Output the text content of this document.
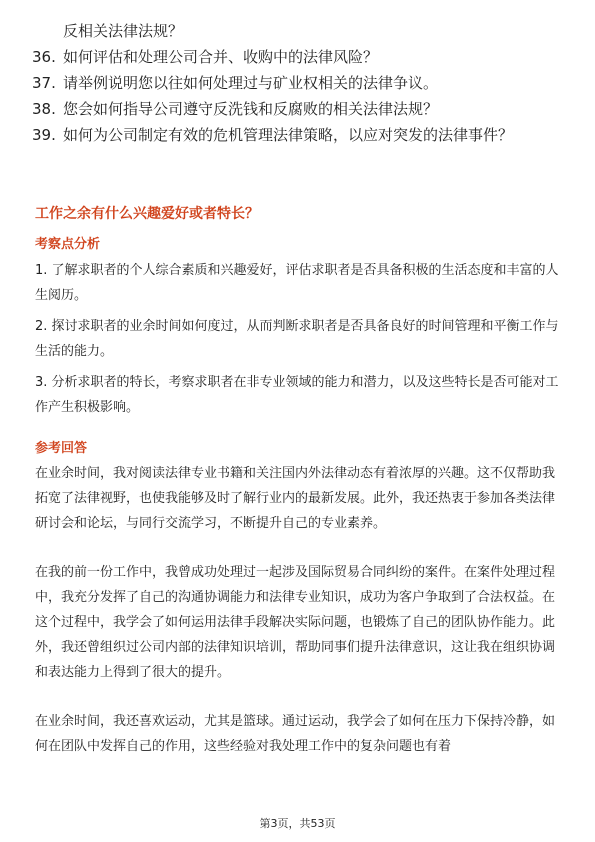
反相关法律法规？
36. 如何评估和处理公司合并、收购中的法律风险？
37. 请举例说明您以往如何处理过与矿业权相关的法律争议。
38. 您会如何指导公司遵守反洗钱和反腐败的相关法律法规？
39. 如何为公司制定有效的危机管理法律策略，以应对突发的法律事件？
工作之余有什么兴趣爱好或者特长？
考察点分析

1. 了解求职者的个人综合素质和兴趣爱好，评估求职者是否具备积极的生活态度和丰富的人生阅历。

2. 探讨求职者的业余时间如何度过，从而判断求职者是否具备良好的时间管理和平衡工作与生活的能力。

3. 分析求职者的特长，考察求职者在非专业领域的能力和潜力，以及这些特长是否可能对工作产生积极影响。

参考回答

在业余时间，我对阅读法律专业书籍和关注国内外法律动态有着浓厚的兴趣。这不仅帮助我拓宽了法律视野，也使我能够及时了解行业内的最新发展。此外，我还热衷于参加各类法律研讨会和论坛，与同行交流学习，不断提升自己的专业素养。

在我的前一份工作中，我曾成功处理过一起涉及国际贸易合同纠纷的案件。在案件处理过程中，我充分发挥了自己的沟通协调能力和法律专业知识，成功为客户争取到了合法权益。在这个过程中，我学会了如何运用法律手段解决实际问题，也锻炼了自己的团队协作能力。此外，我还曾组织过公司内部的法律知识培训，帮助同事们提升法律意识，这让我在组织协调和表达能力上得到了很大的提升。

在业余时间，我还喜欢运动，尤其是篮球。通过运动，我学会了如何在压力下保持冷静，如何在团队中发挥自己的作用，这些经验对我处理工作中的复杂问题也有着

第3页，共53页
